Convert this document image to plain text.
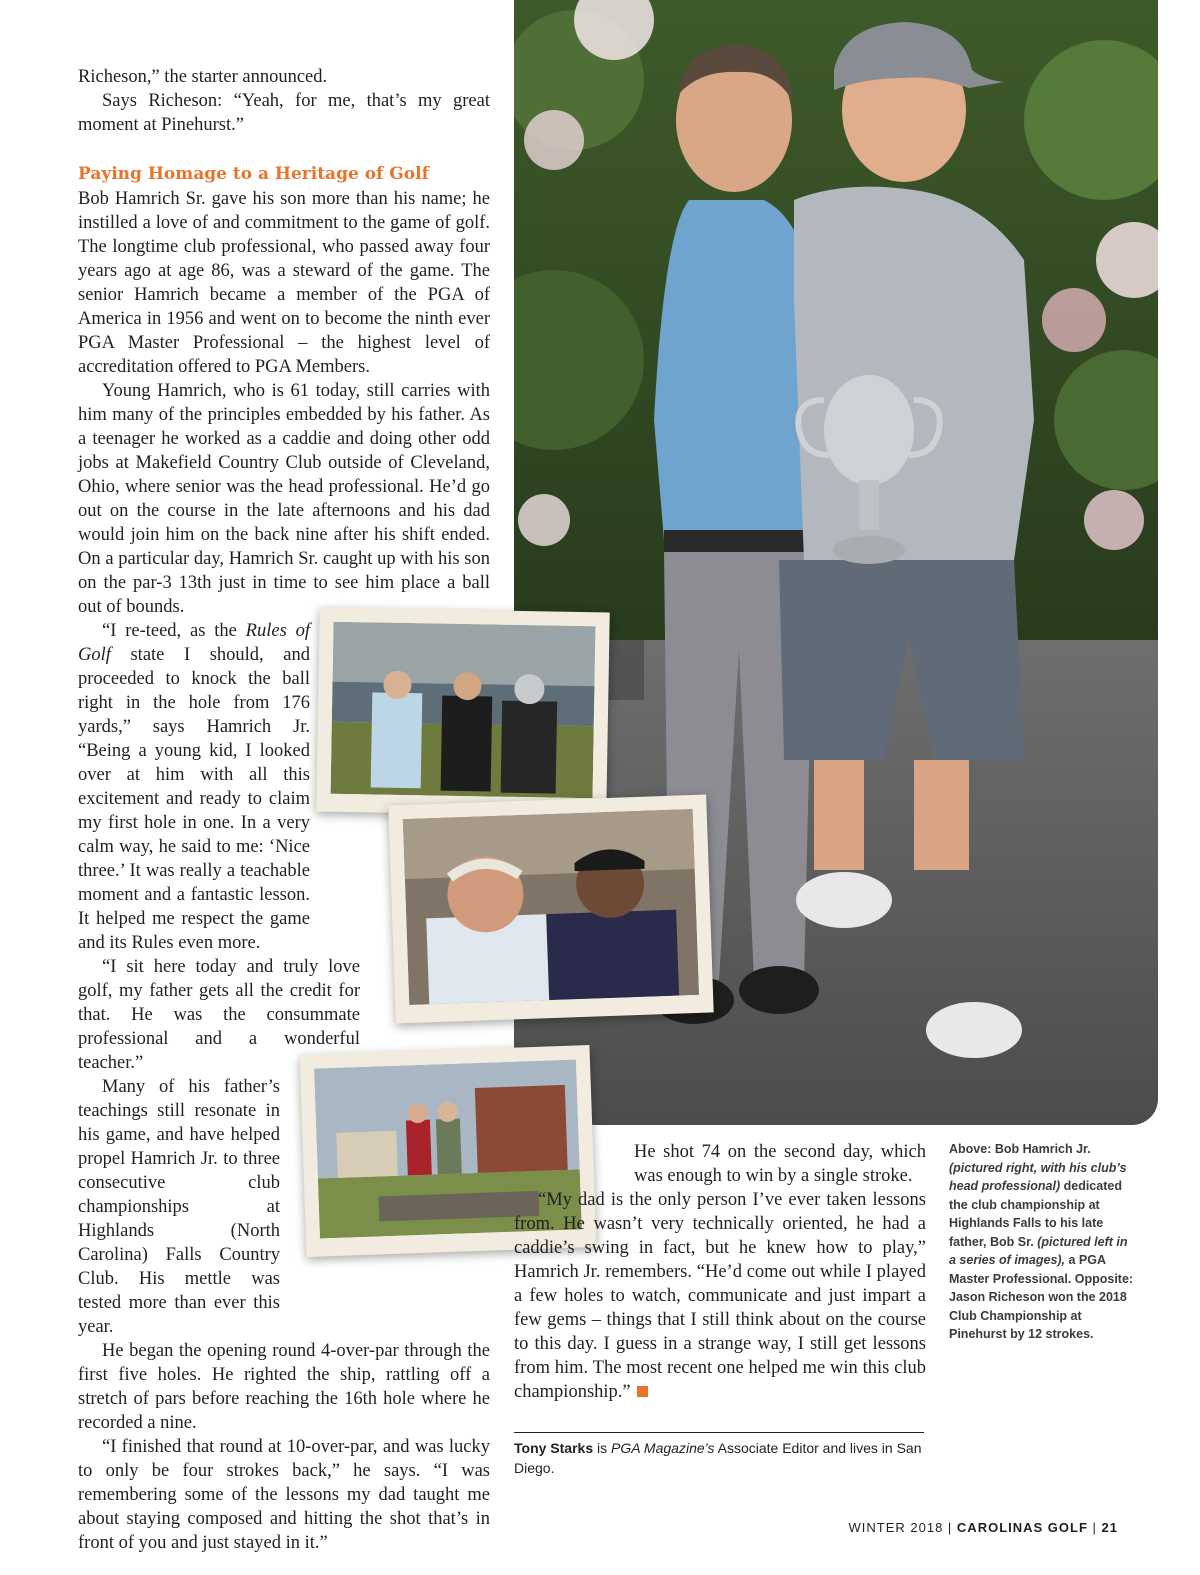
Richeson,” the starter announced.

Says Richeson: “Yeah, for me, that’s my great moment at Pinehurst.”

Paying Homage to a Heritage of Golf

Bob Hamrich Sr. gave his son more than his name; he instilled a love of and commitment to the game of golf. The longtime club professional, who passed away four years ago at age 86, was a steward of the game. The senior Hamrich became a member of the PGA of America in 1956 and went on to become the ninth ever PGA Master Professional – the highest level of accreditation offered to PGA Members.

Young Hamrich, who is 61 today, still carries with him many of the principles embedded by his father. As a teenager he worked as a caddie and doing other odd jobs at Makefield Country Club outside of Cleveland, Ohio, where senior was the head professional. He’d go out on the course in the late afternoons and his dad would join him on the back nine after his shift ended. On a particular day, Hamrich Sr. caught up with his son on the par-3 13th just in time to see him place a ball out of bounds.

“I re-teed, as the Rules of Golf state I should, and proceeded to knock the ball right in the hole from 176 yards,” says Hamrich Jr. “Being a young kid, I looked over at him with all this excitement and ready to claim my first hole in one. In a very calm way, he said to me: ‘Nice three.’ It was really a teachable moment and a fantastic lesson. It helped me respect the game and its Rules even more.

“I sit here today and truly love golf, my father gets all the credit for that. He was the consummate professional and a wonderful teacher.”

Many of his father’s teachings still resonate in his game, and have helped propel Hamrich Jr. to three consecutive club championships at Highlands (North Carolina) Falls Country Club. His mettle was tested more than ever this year.

He began the opening round 4-over-par through the first five holes. He righted the ship, rattling off a stretch of pars before reaching the 16th hole where he recorded a nine.

“I finished that round at 10-over-par, and was lucky to only be four strokes back,” he says. “I was remembering some of the lessons my dad taught me about staying composed and hitting the shot that’s in front of you and just stayed in it.”

He shot 74 on the second day, which was enough to win by a single stroke.

“My dad is the only person I’ve ever taken lessons from. He wasn’t very technically oriented, he had a caddie’s swing in fact, but he knew how to play,” Hamrich Jr. remembers. “He’d come out while I played a few holes to watch, communicate and just impart a few gems – things that I still think about on the course to this day. I guess in a strange way, I still get lessons from him. The most recent one helped me win this club championship.”

Tony Starks is PGA Magazine’s Associate Editor and lives in San Diego.
Above: Bob Hamrich Jr. (pictured right, with his club’s head professional) dedicated the club championship at Highlands Falls to his late father, Bob Sr. (pictured left in a series of images), a PGA Master Professional. Opposite: Jason Richeson won the 2018 Club Championship at Pinehurst by 12 strokes.
WINTER 2018 | CAROLINAS GOLF | 21
